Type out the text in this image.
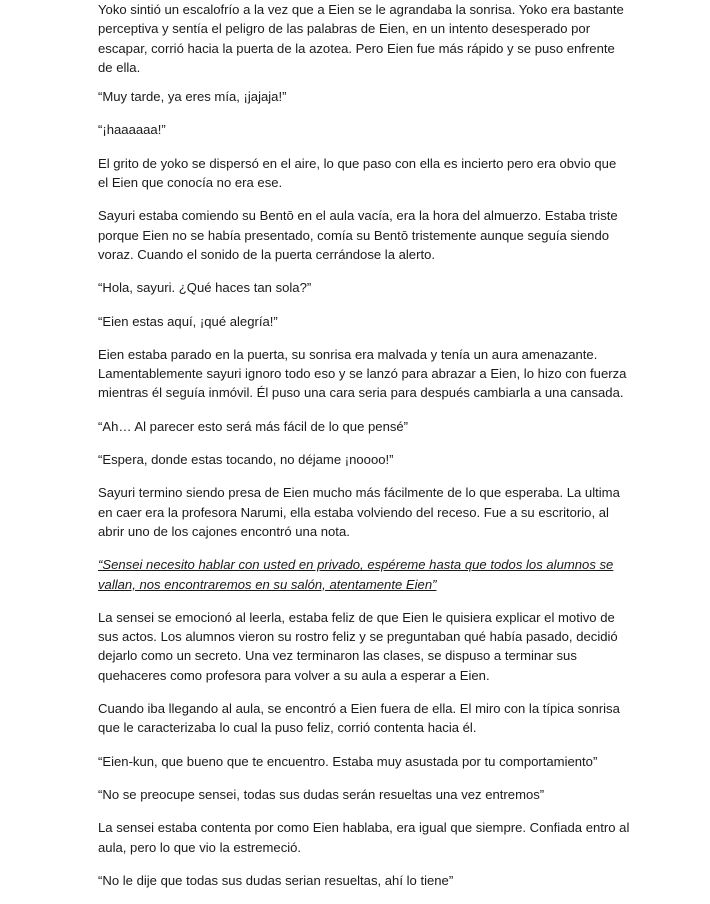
Yoko sintió un escalofrío a la vez que a Eien se le agrandaba la sonrisa. Yoko era bastante perceptiva y sentía el peligro de las palabras de Eien, en un intento desesperado por escapar, corrió hacia la puerta de la azotea. Pero Eien fue más rápido y se puso enfrente de ella.

“Muy tarde, ya eres mía, ¡jajaja!”

“¡haaaaaa!”

El grito de yoko se dispersó en el aire, lo que paso con ella es incierto pero era obvio que el Eien que conocía no era ese.

Sayuri estaba comiendo su Bentō en el aula vacía, era la hora del almuerzo. Estaba triste porque Eien no se había presentado, comía su Bentō tristemente aunque seguía siendo voraz. Cuando el sonido de la puerta cerrándose la alerto.

“Hola, sayuri. ¿Qué haces tan sola?”

“Eien estas aquí, ¡qué alegría!”

Eien estaba parado en la puerta, su sonrisa era malvada y tenía un aura amenazante. Lamentablemente sayuri ignoro todo eso y se lanzó para abrazar a Eien, lo hizo con fuerza mientras él seguía inmóvil. Él puso una cara seria para después cambiarla a una cansada.

“Ah… Al parecer esto será más fácil de lo que pensé”

“Espera, donde estas tocando, no déjame ¡noooo!”

Sayuri termino siendo presa de Eien mucho más fácilmente de lo que esperaba. La ultima en caer era la profesora Narumi, ella estaba volviendo del receso. Fue a su escritorio, al abrir uno de los cajones encontró una nota.

“Sensei necesito hablar con usted en privado, espéreme hasta que todos los alumnos se vallan, nos encontraremos en su salón, atentamente Eien”

La sensei se emocionó al leerla, estaba feliz de que Eien le quisiera explicar el motivo de sus actos. Los alumnos vieron su rostro feliz y se preguntaban qué había pasado, decidió dejarlo como un secreto. Una vez terminaron las clases, se dispuso a terminar sus quehaceres como profesora para volver a su aula a esperar a Eien.

Cuando iba llegando al aula, se encontró a Eien fuera de ella. El miro con la típica sonrisa que le caracterizaba lo cual la puso feliz, corrió contenta hacia él.

“Eien-kun, que bueno que te encuentro. Estaba muy asustada por tu comportamiento”

“No se preocupe sensei, todas sus dudas serán resueltas una vez entremos”

La sensei estaba contenta por como Eien hablaba, era igual que siempre. Confiada entro al aula, pero lo que vio la estremeció.

“No le dije que todas sus dudas serian resueltas, ahí lo tiene”
